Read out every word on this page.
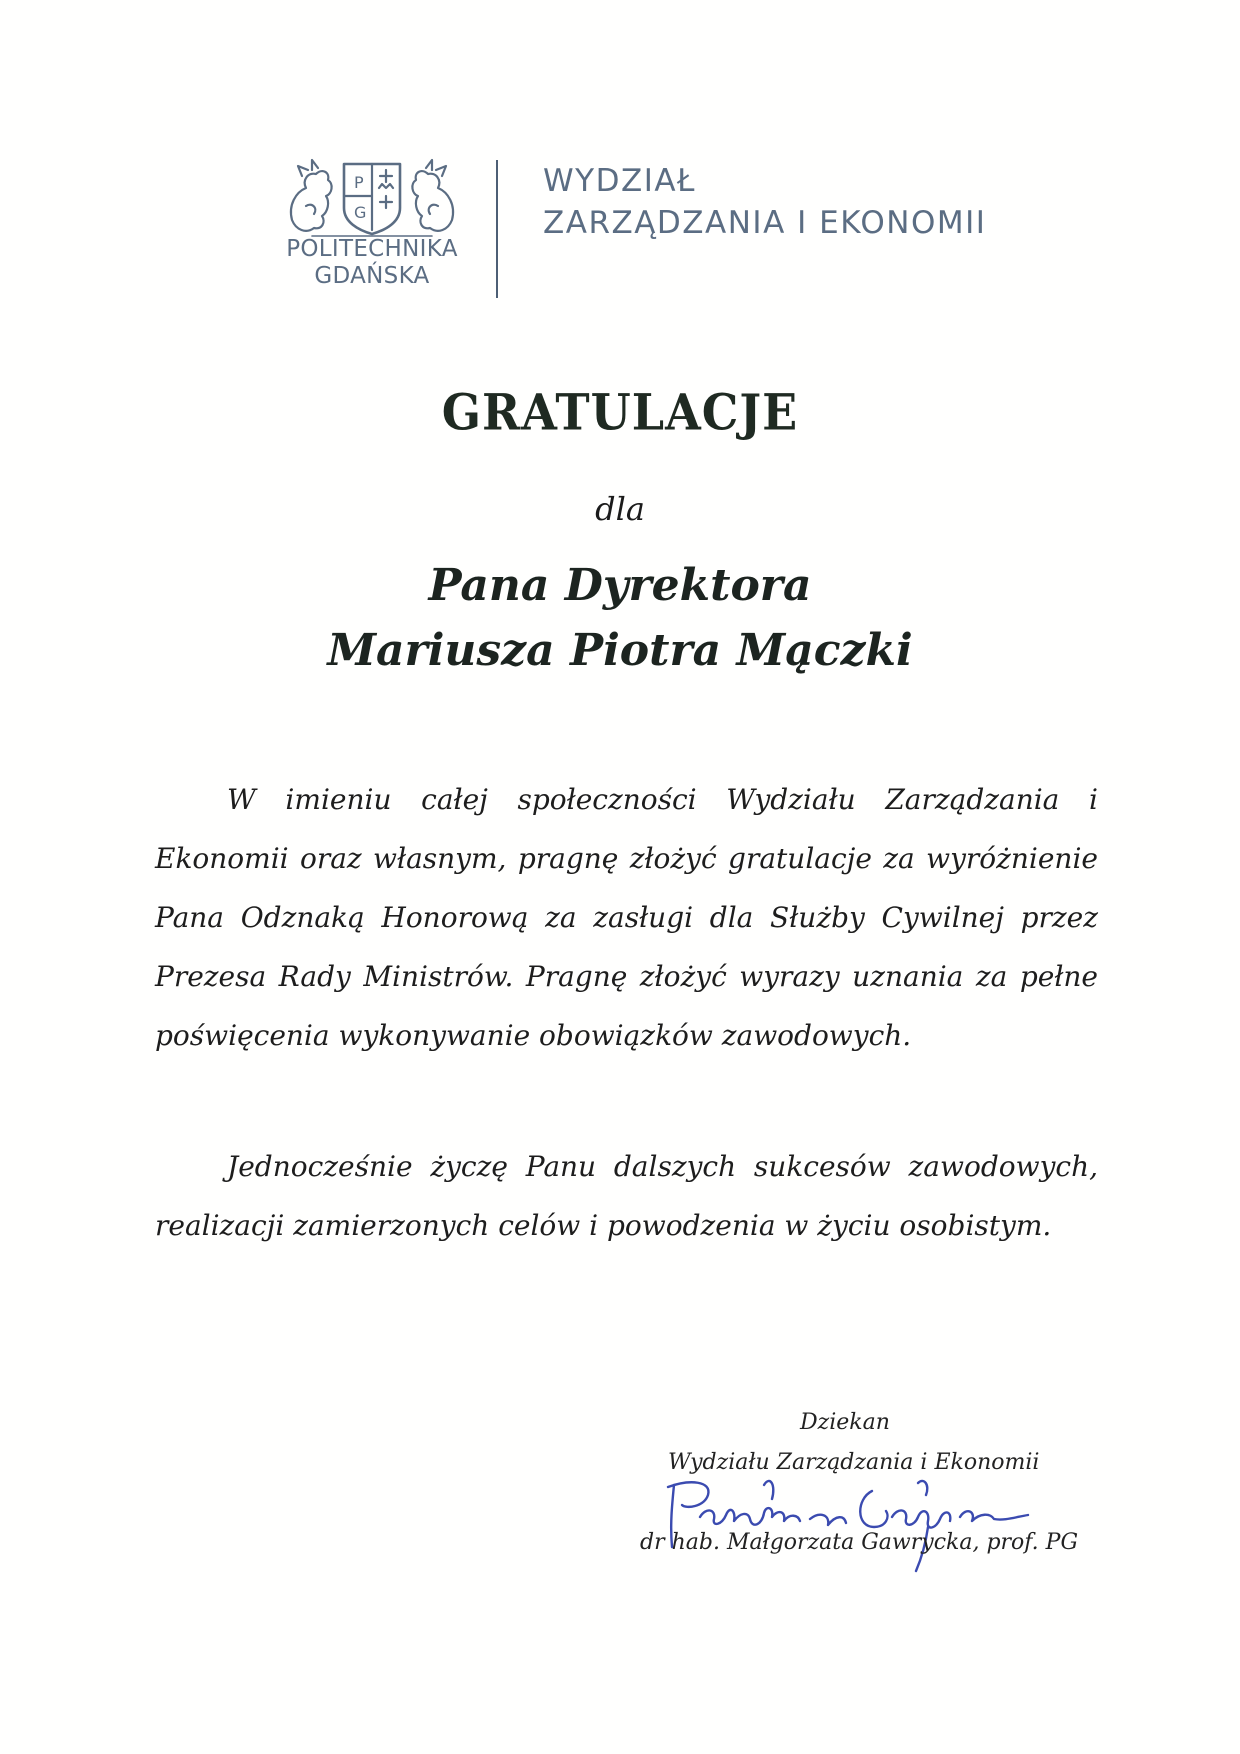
P
G
POLITECHNIKA
GDAŃSKA
WYDZIAŁ
ZARZĄDZANIA I EKONOMII
GRATULACJE
dla
Pana Dyrektora
Mariusza Piotra Mączki
W imieniu całej społeczności Wydziału Zarządzania i Ekonomii oraz własnym, pragnę złożyć gratulacje za wyróżnienie Pana Odznaką Honorową za zasługi dla Służby Cywilnej przez Prezesa Rady Ministrów. Pragnę złożyć wyrazy uznania za pełne poświęcenia wykonywanie obowiązków zawodowych.
Jednocześnie życzę Panu dalszych sukcesów zawodowych, realizacji zamierzonych celów i powodzenia w życiu osobistym.
Dziekan
Wydziału Zarządzania i Ekonomii
dr hab. Małgorzata Gawrycka, prof. PG
